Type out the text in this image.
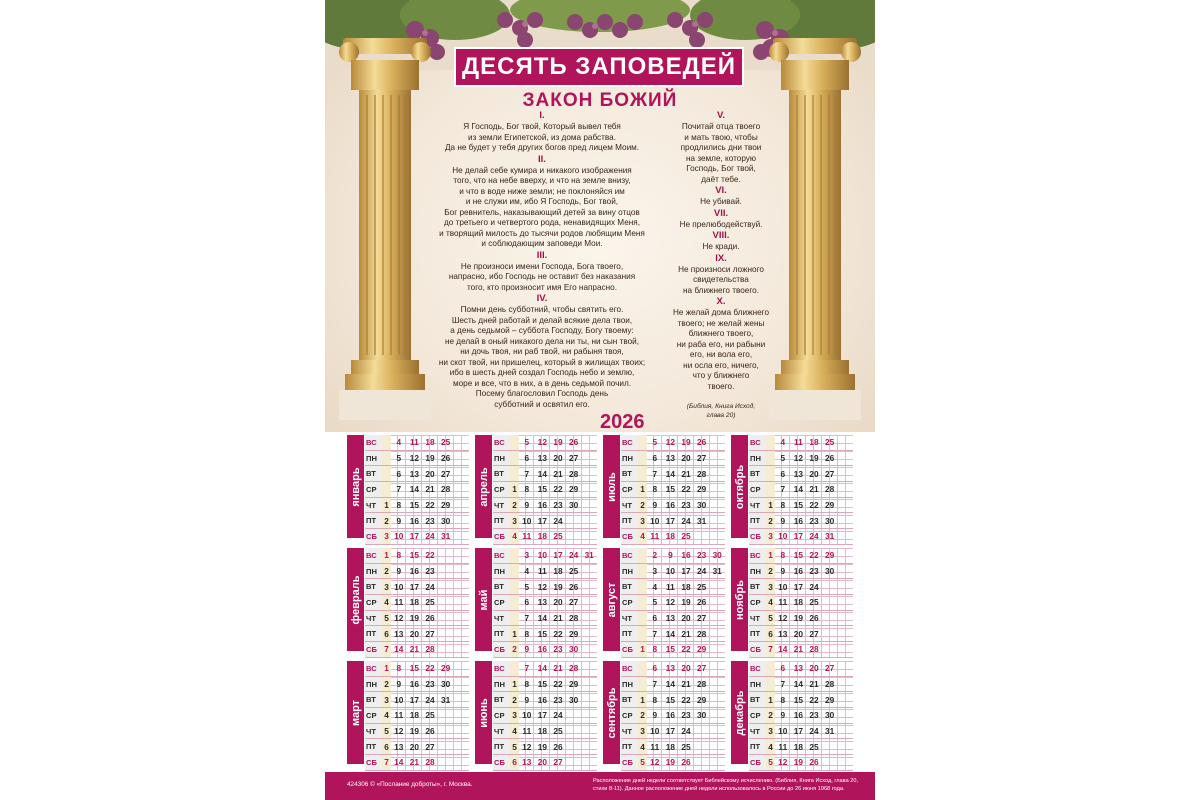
ДЕСЯТЬ ЗАПОВЕДЕЙ
ЗАКОН БОЖИЙ
I.
Я Господь, Бог твой, Который вывел тебя
из земли Египетской, из дома рабства.
Да не будет у тебя других богов пред лицем Моим.
II.
Не делай себе кумира и никакого изображения
того, что на небе вверху, и что на земле внизу,
и что в воде ниже земли; не поклоняйся им
и не служи им, ибо Я Господь, Бог твой,
Бог ревнитель, наказывающий детей за вину отцов
до третьего и четвертого рода, ненавидящих Меня,
и творящий милость до тысячи родов любящим Меня
и соблюдающим заповеди Мои.
III.
Не произноси имени Господа, Бога твоего,
напрасно, ибо Господь не оставит без наказания
того, кто произносит имя Его напрасно.
IV.
Помни день субботний, чтобы святить его.
Шесть дней работай и делай всякие дела твои,
а день седьмой – суббота Господу, Богу твоему:
не делай в оный никакого дела ни ты, ни сын твой,
ни дочь твоя, ни раб твой, ни рабыня твоя,
ни скот твой, ни пришелец, который в жилищах твоих;
ибо в шесть дней создал Господь небо и землю,
море и все, что в них, а в день седьмой почил.
Посему благословил Господь день
субботний и освятил его.
V.
Почитай отца твоего
и мать твою, чтобы
продлились дни твои
на земле, которую
Господь, Бог твой,
даёт тебе.
VI.
Не убивай.
VII.
Не прелюбодействуй.
VIII.
Не кради.
IX.
Не произноси ложного
свидетельства
на ближнего твоего.
X.
Не желай дома ближнего
твоего; не желай жены
ближнего твоего,
ни раба его, ни рабыни
его, ни вола его,
ни осла его, ничего,
что у ближнего
твоего.
(Библия, Книга Исход,
глава 20)
2026
январь
ВС		4	11	18	25	
ПН		5	12	19	26	
ВТ		6	13	20	27	
СР		7	14	21	28	
ЧТ	1	8	15	22	29	
ПТ	2	9	16	23	30	
СБ	3	10	17	24	31	
апрель
ВС		5	12	19	26	
ПН		6	13	20	27	
ВТ		7	14	21	28	
СР	1	8	15	22	29	
ЧТ	2	9	16	23	30	
ПТ	3	10	17	24		
СБ	4	11	18	25		
июль
ВС		5	12	19	26	
ПН		6	13	20	27	
ВТ		7	14	21	28	
СР	1	8	15	22	29	
ЧТ	2	9	16	23	30	
ПТ	3	10	17	24	31	
СБ	4	11	18	25		
октябрь
ВС		4	11	18	25	
ПН		5	12	19	26	
ВТ		6	13	20	27	
СР		7	14	21	28	
ЧТ	1	8	15	22	29	
ПТ	2	9	16	23	30	
СБ	3	10	17	24	31	
февраль
ВС	1	8	15	22		
ПН	2	9	16	23		
ВТ	3	10	17	24		
СР	4	11	18	25		
ЧТ	5	12	19	26		
ПТ	6	13	20	27		
СБ	7	14	21	28		
май
ВС		3	10	17	24	31
ПН		4	11	18	25	
ВТ		5	12	19	26	
СР		6	13	20	27	
ЧТ		7	14	21	28	
ПТ	1	8	15	22	29	
СБ	2	9	16	23	30	
август
ВС		2	9	16	23	30
ПН		3	10	17	24	31
ВТ		4	11	18	25	
СР		5	12	19	26	
ЧТ		6	13	20	27	
ПТ		7	14	21	28	
СБ	1	8	15	22	29	
ноябрь
ВС	1	8	15	22	29	
ПН	2	9	16	23	30	
ВТ	3	10	17	24		
СР	4	11	18	25		
ЧТ	5	12	19	26		
ПТ	6	13	20	27		
СБ	7	14	21	28		
март
ВС	1	8	15	22	29	
ПН	2	9	16	23	30	
ВТ	3	10	17	24	31	
СР	4	11	18	25		
ЧТ	5	12	19	26		
ПТ	6	13	20	27		
СБ	7	14	21	28		
июнь
ВС		7	14	21	28	
ПН	1	8	15	22	29	
ВТ	2	9	16	23	30	
СР	3	10	17	24		
ЧТ	4	11	18	25		
ПТ	5	12	19	26		
СБ	6	13	20	27		
сентябрь
ВС		6	13	20	27	
ПН		7	14	21	28	
ВТ	1	8	15	22	29	
СР	2	9	16	23	30	
ЧТ	3	10	17	24		
ПТ	4	11	18	25		
СБ	5	12	19	26		
декабрь
ВС		6	13	20	27	
ПН		7	14	21	28	
ВТ	1	8	15	22	29	
СР	2	9	16	23	30	
ЧТ	3	10	17	24	31	
ПТ	4	11	18	25		
СБ	5	12	19	26		
424306 © «Послание доброты», г. Москва.	Расположение дней недели соответствует Библейскому исчислению. (Библия, Книга Исход, глава 20, стихи 8-11). Данное расположение дней недели использовалось в России до 26 июня 1968 года.
